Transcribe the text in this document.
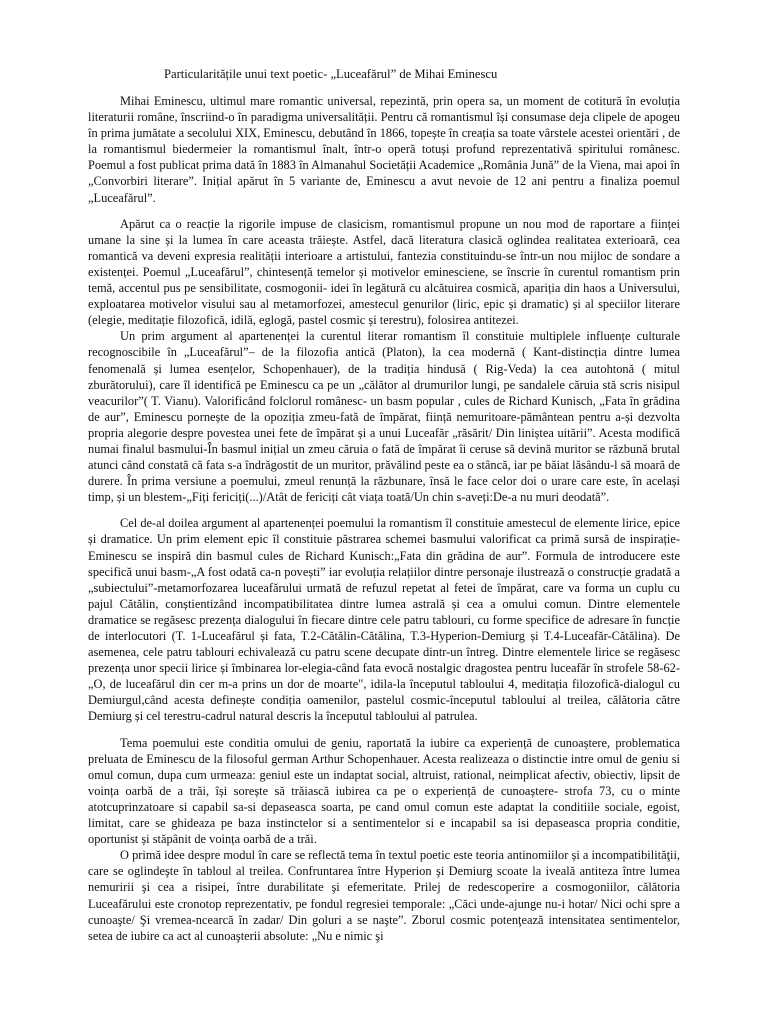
Particularitățile unui text poetic- „Luceafărul” de Mihai Eminescu

Mihai Eminescu, ultimul mare romantic universal, repezintă, prin opera sa, un moment de cotitură în evoluția literaturii române, înscriind-o în paradigma universalității. Pentru că romantismul își consumase deja clipele de apogeu în prima jumătate a secolului XIX, Eminescu, debutând în 1866, topește în creația sa toate vârstele acestei orientări , de la romantismul biedermeier la romantismul înalt, într-o operă totuși profund reprezentativă spiritului românesc. Poemul a fost publicat prima dată în 1883 în Almanahul Societății Academice „România Jună” de la Viena, mai apoi în „Convorbiri literare”. Inițial apărut în 5 variante de, Eminescu a avut nevoie de 12 ani pentru a finaliza poemul „Luceafărul”.

Apărut ca o reacție la rigorile impuse de clasicism, romantismul propune un nou mod de raportare a ființei umane la sine și la lumea în care aceasta trăiește. Astfel, dacă literatura clasică oglindea realitatea exterioară, cea romantică va deveni expresia realității interioare a artistului, fantezia constituindu-se într-un nou mijloc de sondare a existenței. Poemul „Luceafărul”, chintesență temelor și motivelor eminesciene, se înscrie în curentul romantism prin temă, accentul pus pe sensibilitate, cosmogonii- idei în legătură cu alcătuirea cosmică, apariția din haos a Universului, exploatarea motivelor visului sau al metamorfozei, amestecul genurilor (liric, epic și dramatic) și al speciilor literare (elegie, meditație filozofică, idilă, eglogă, pastel cosmic și terestru), folosirea antitezei.

Un prim argument al apartenenței la curentul literar romantism îl constituie multiplele influențe culturale recognoscibile în „Luceafărul”– de la filozofia antică (Platon), la cea modernă ( Kant-distincția dintre lumea fenomenală și lumea esențelor, Schopenhauer), de la tradiția hindusă ( Rig-Veda) la cea autohtonă ( mitul zburătorului), care îl identifică pe Eminescu ca pe un „călător al drumurilor lungi, pe sandalele căruia stă scris nisipul veacurilor”( T. Vianu). Valorificând folclorul românesc- un basm popular , cules de Richard Kunisch, „Fata în grădina de aur”, Eminescu pornește de la opoziția zmeu-fată de împărat, ființă nemuritoare-pământean pentru a-și dezvolta propria alegorie despre povestea unei fete de împărat și a unui Luceafăr „răsărit/ Din liniștea uitării”. Acesta modifică numai finalul basmului-În basmul inițial un zmeu căruia o fată de împărat îi ceruse să devină muritor se răzbună brutal atunci când constată că fata s-a îndrăgostit de un muritor, prăvălind peste ea o stâncă, iar pe băiat lăsându-l să moară de durere. În prima versiune a poemului, zmeul renunță la răzbunare, însă le face celor doi o urare care este, în același timp, și un blestem-„Fiți fericiți(...)/Atât de fericiți cât viața toată/Un chin s-aveți:De-a nu muri deodată”.

Cel de-al doilea argument al apartenenței poemului la romantism îl constituie amestecul de elemente lirice, epice și dramatice. Un prim element epic îl constituie păstrarea schemei basmului valorificat ca primă sursă de inspirație-Eminescu se inspiră din basmul cules de Richard Kunisch:„Fata din grădina de aur”. Formula de introducere este specifică unui basm-„A fost odată ca-n povești” iar evoluția relațiilor dintre personaje ilustrează o construcție gradată a „subiectului”-metamorfozarea luceafărului urmată de refuzul repetat al fetei de împărat, care va forma un cuplu cu pajul Cătălin, conștientizând incompatibilitatea dintre lumea astrală și cea a omului comun. Dintre elementele dramatice se regăsesc prezența dialogului în fiecare dintre cele patru tablouri, cu forme specifice de adresare în funcție de interlocutori (T. 1-Luceafărul și fata, T.2-Cătălin-Cătălina, T.3-Hyperion-Demiurg și T.4-Luceafăr-Cătălina). De asemenea, cele patru tablouri echivalează cu patru scene decupate dintr-un întreg. Dintre elementele lirice se regăsesc prezența unor specii lirice și îmbinarea lor-elegia-când fata evocă nostalgic dragostea pentru luceafăr în strofele 58-62- „O, de luceafărul din cer m-a prins un dor de moarte", idila-la începutul tabloului 4, meditația filozofică-dialogul cu Demiurgul,când acesta definește condiția oamenilor, pastelul cosmic-începutul tabloului al treilea, călătoria către Demiurg și cel terestru-cadrul natural descris la începutul tabloului al patrulea.

Tema poemului este conditia omului de geniu, raportată la iubire ca experiență de cunoaștere, problematica preluata de Eminescu de la filosoful german Arthur Schopenhauer. Acesta realizeaza o distinctie intre omul de geniu si omul comun, dupa cum urmeaza: geniul este un indaptat social, altruist, rational, neimplicat afectiv, obiectiv, lipsit de voința oarbă de a trăi, își sorește să trăiască iubirea ca pe o experiență de cunoaștere- strofa 73, cu o minte atotcuprinzatoare si capabil sa-si depaseasca soarta, pe cand omul comun este adaptat la conditiile sociale, egoist, limitat, care se ghideaza pe baza instinctelor si a sentimentelor si e incapabil sa isi depaseasca propria conditie, oportunist și stăpânit de voința oarbă de a trăi.

O primă idee despre modul în care se reflectă tema în textul poetic este teoria antinomiilor și a incompatibilităţii, care se oglindeşte în tabloul al treilea. Confruntarea între Hyperion şi Demiurg scoate la iveală antiteza între lumea nemuririi şi cea a risipei, între durabilitate şi efemeritate. Prilej de redescoperire a cosmogoniilor, călătoria Luceafărului este cronotop reprezentativ, pe fondul regresiei temporale: „Căci unde-ajunge nu-i hotar/ Nici ochi spre a cunoaşte/ Şi vremea-ncearcă în zadar/ Din goluri a se naşte”. Zborul cosmic potenţează intensitatea sentimentelor, setea de iubire ca act al cunoaşterii absolute: „Nu e nimic şi
